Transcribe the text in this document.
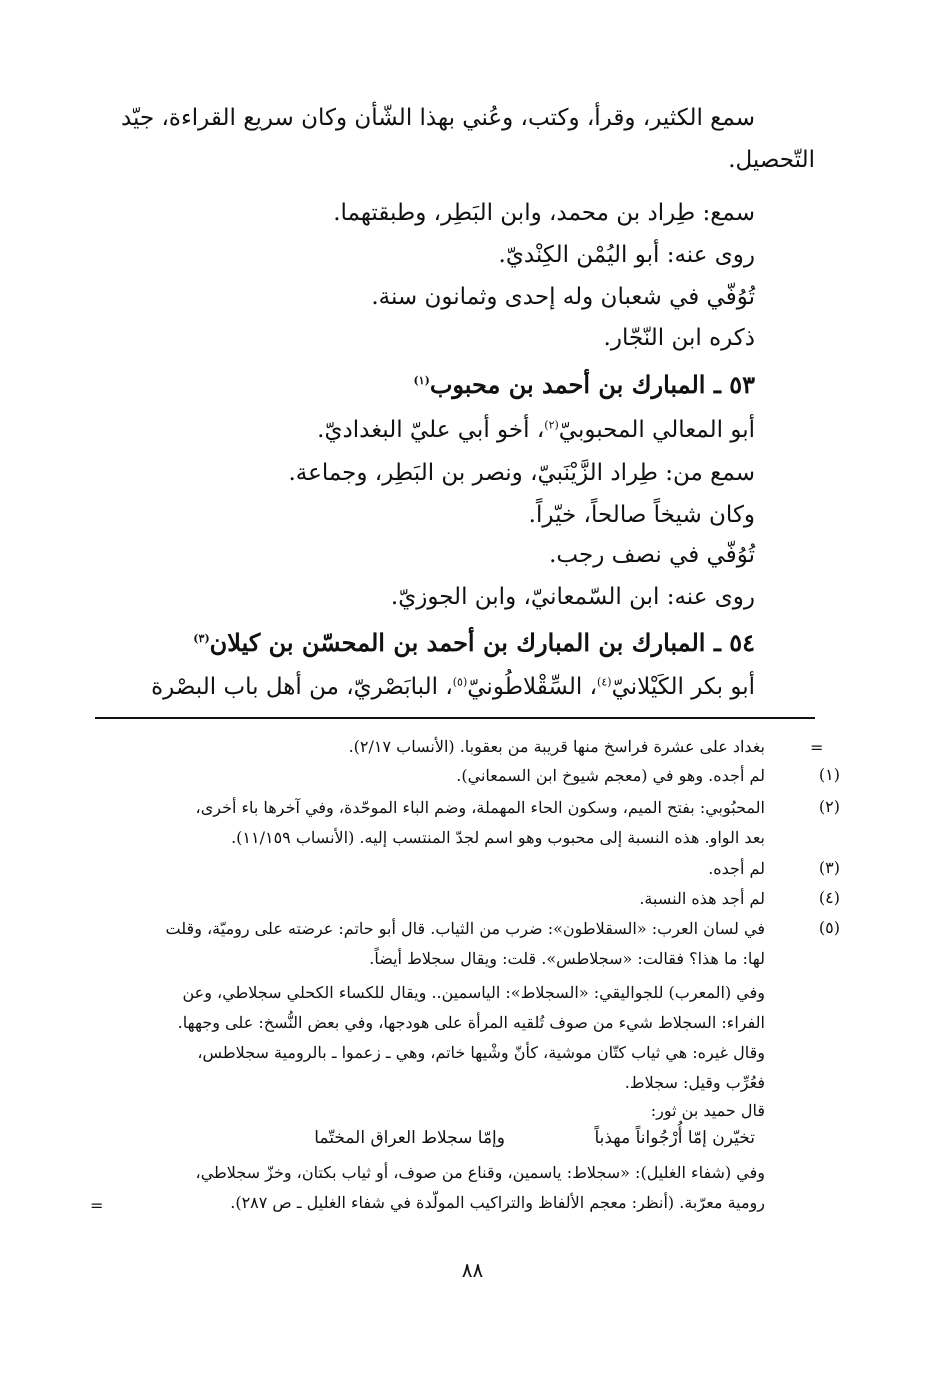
سمع الكثير، وقرأ، وكتب، وعُني بهذا الشّأن وكان سريع القراءة، جيّد
التّحصيل.
سمع: طِراد بن محمد، وابن البَطِر، وطبقتهما.
روى عنه: أبو اليُمْن الكِنْديّ.
تُوُفّي في شعبان وله إحدى وثمانون سنة.
ذكره ابن النّجّار.
٥٣ ـ المبارك بن أحمد بن محبوب$^{(١)}$
أبو المعالي المحبوبيّ$^{(٢)}$، أخو أبي عليّ البغداديّ.
سمع من: طِراد الزَّيْنَبيّ، ونصر بن البَطِر، وجماعة.
وكان شيخاً صالحاً، خيّراً.
تُوُفّي في نصف رجب.
روى عنه: ابن السّمعانيّ، وابن الجوزيّ.
٥٤ ـ المبارك بن المبارك بن أحمد بن المحسّن بن كيلان$^{(٣)}$
أبو بكر الكَيْلانيّ$^{(٤)}$، السِّقْلاطُونيّ$^{(٥)}$، البابَصْريّ، من أهل باب البصْرة
=
بغداد على عشرة فراسخ منها قريبة من بعقوبا. (الأنساب ٢/١٧).
(١)
لم أجده. وهو في (معجم شيوخ ابن السمعاني).
(٢)
المحبُوبي: بفتح الميم، وسكون الحاء المهملة، وضم الباء الموحّدة، وفي آخرها باء أخرى،
بعد الواو. هذه النسبة إلى محبوب وهو اسم لجدّ المنتسب إليه. (الأنساب ١١/١٥٩).
(٣)
لم أجده.
(٤)
لم أجد هذه النسبة.
(٥)
في لسان العرب: «السقلاطون»: ضرب من الثياب. قال أبو حاتم: عرضته على روميّة، وقلت
لها: ما هذا؟ فقالت: «سجلاطس». قلت: ويقال سجلاط أيضاً.
وفي (المعرب) للجواليقي: «السجلاط»: الياسمين.. ويقال للكساء الكحلي سجلاطي، وعن
الفراء: السجلاط شيء من صوف تُلقيه المرأة على هودجها، وفي بعض النُّسخ: على وجهها.
وقال غيره: هي ثياب كتّان موشية، كأنّ وشْيها خاتم، وهي ـ زعموا ـ بالرومية سجلاطس،
فعُرِّب وقيل: سجلاط.
قال حميد بن ثور:
تخيّرن إمّا أُرْجُواناً مهذباً
وإمّا سجلاط العراق المختّما
وفي (شفاء الغليل): «سجلاط: ياسمين، وقناع من صوف، أو ثياب بكتان، وخزّ سجلاطي،
رومية معرّبة. (أنظر: معجم الألفاظ والتراكيب المولّدة في شفاء الغليل ـ ص ٢٨٧).
=
٨٨
